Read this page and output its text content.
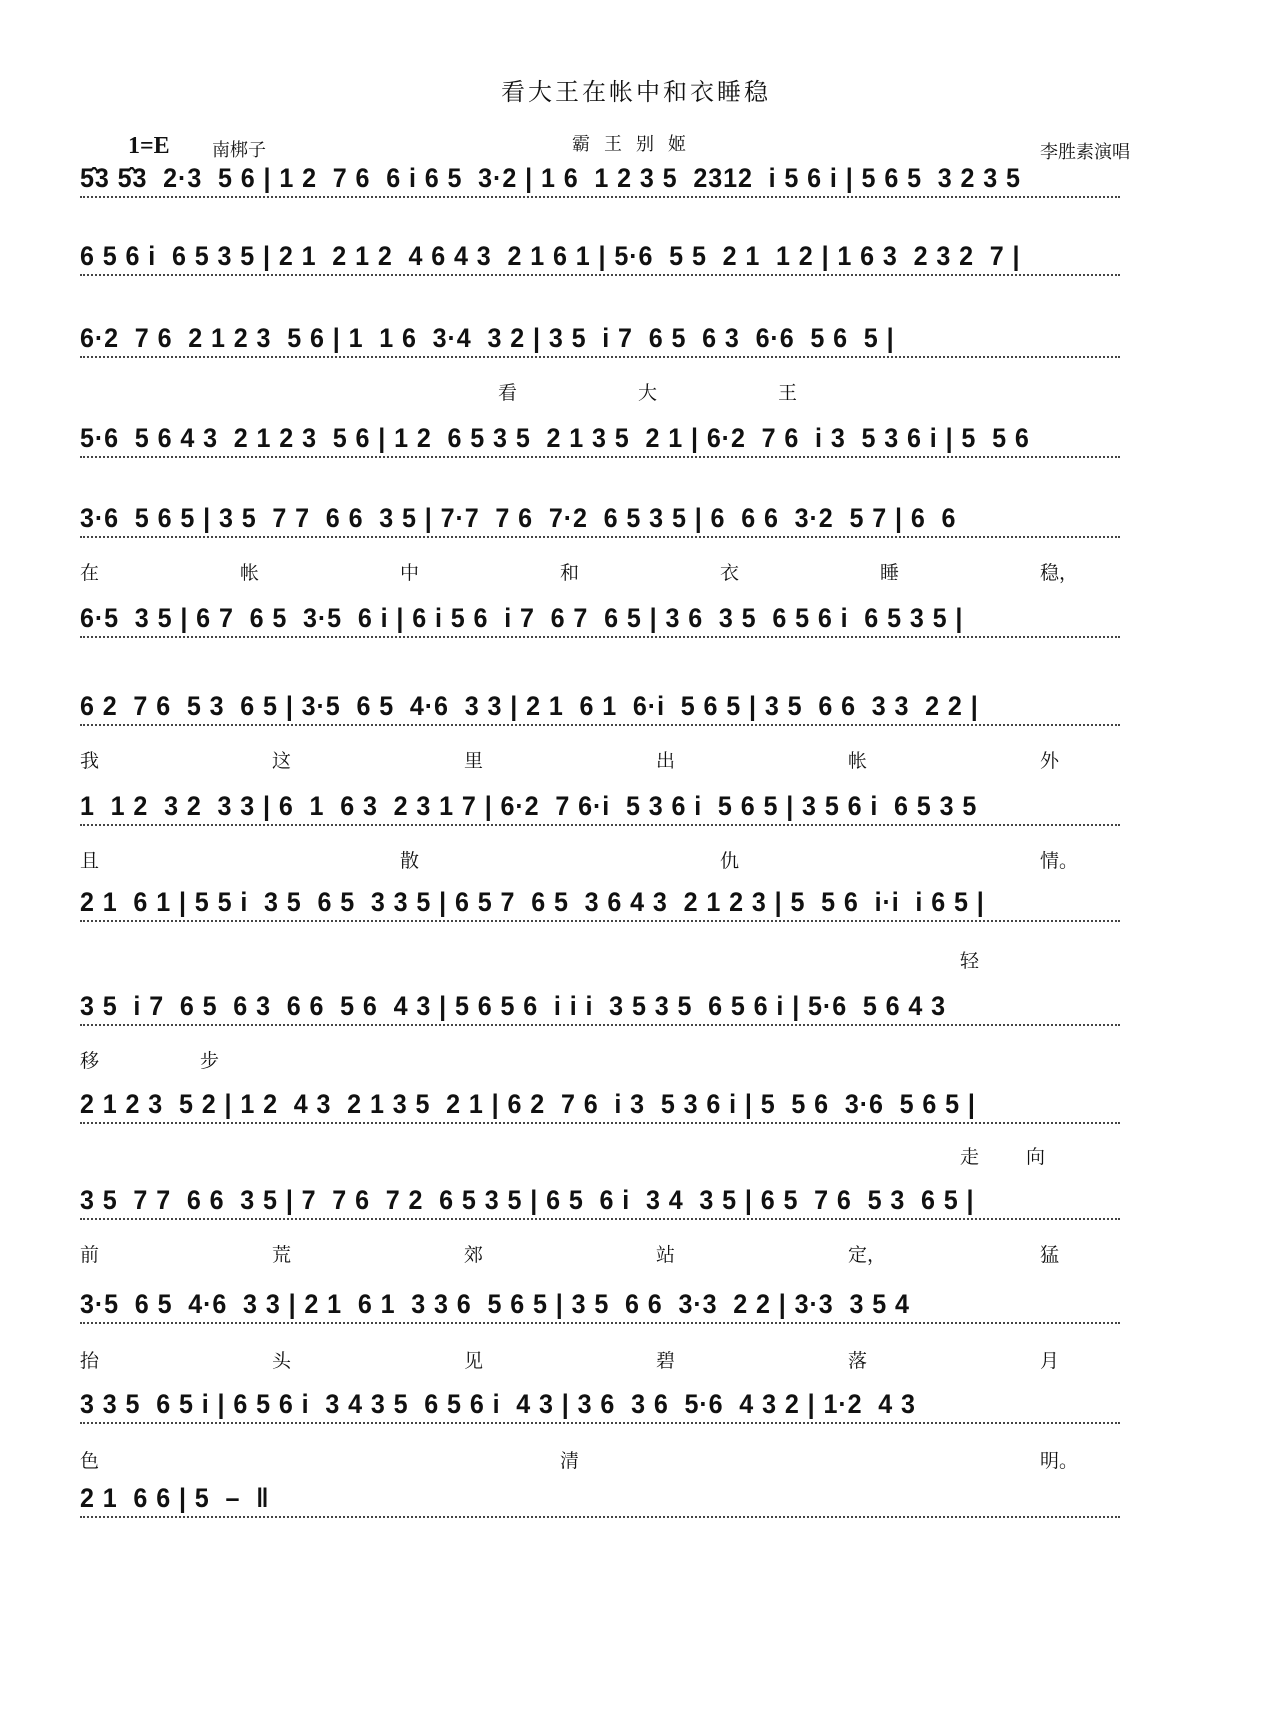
看大王在帐中和衣睡稳
1=E 南梆子	霸王别姬	李胜素演唱
5̂3 5̂3  2·3  5 6 | 1 2  7 6  6 i 6 5  3·2 | 1 6  1 2 3 5  2312  i 5 6 i | 5 6 5  3 2 3 5
6 5 6 i  6 5 3 5 | 2 1  2 1 2  4 6 4 3  2 1 6 1 | 5·6  5 5  2 1  1 2 | 1 6 3  2 3 2  7 |
6·2  7 6  2 1 2 3  5 6 | 1  1 6  3·4  3 2 | 3 5  i 7  6 5  6 3  6·6  5 6  5 |
5·6  5 6 4 3  2 1 2 3  5 6 | 1 2  6 5 3 5  2 1 3 5  2 1 | 6·2  7 6  i 3  5 3 6 i | 5  5 6
3·6  5 6 5 | 3 5  7 7  6 6  3 5 | 7·7  7 6  7·2  6 5 3 5 | 6  6 6  3·2  5 7 | 6  6
6·5  3 5 | 6 7  6 5  3·5  6 i | 6 i 5 6  i 7  6 7  6 5 | 3 6  3 5  6 5 6 i  6 5 3 5 |
6 2  7 6  5 3  6 5 | 3·5  6 5  4·6  3 3 | 2 1  6 1  6·i  5 6 5 | 3 5  6 6  3 3  2 2 |
1  1 2  3 2  3 3 | 6  1  6 3  2 3 1 7 | 6·2  7 6·i  5 3 6 i  5 6 5 | 3 5 6 i  6 5 3 5
2 1  6 1 | 5 5 i  3 5  6 5  3 3 5 | 6 5 7  6 5  3 6 4 3  2 1 2 3 | 5  5 6  i·i  i 6 5 |
3 5  i 7  6 5  6 3  6 6  5 6  4 3 | 5 6 5 6  i i i  3 5 3 5  6 5 6 i | 5·6  5 6 4 3
2 1 2 3  5 2 | 1 2  4 3  2 1 3 5  2 1 | 6 2  7 6  i 3  5 3 6 i | 5  5 6  3·6  5 6 5 |
3 5  7 7  6 6  3 5 | 7  7 6  7 2  6 5 3 5 | 6 5  6 i  3 4  3 5 | 6 5  7 6  5 3  6 5 |
3·5  6 5  4·6  3 3 | 2 1  6 1  3 3 6  5 6 5 | 3 5  6 6  3·3  2 2 | 3·3  3 5 4
3 3 5  6 5 i | 6 5 6 i  3 4 3 5  6 5 6 i  4 3 | 3 6  3 6  5·6  4 3 2 | 1·2  4 3
2 1  6 6 | 5  –  ‖
看	大	王
在	帐	中	和	衣	睡	稳，
我	这	里	出	帐	外
且	散	仇	情。
轻
移	步
走 向
前	荒	郊	站	定，	猛
抬	头	见	碧	落	月
色	清	明。
